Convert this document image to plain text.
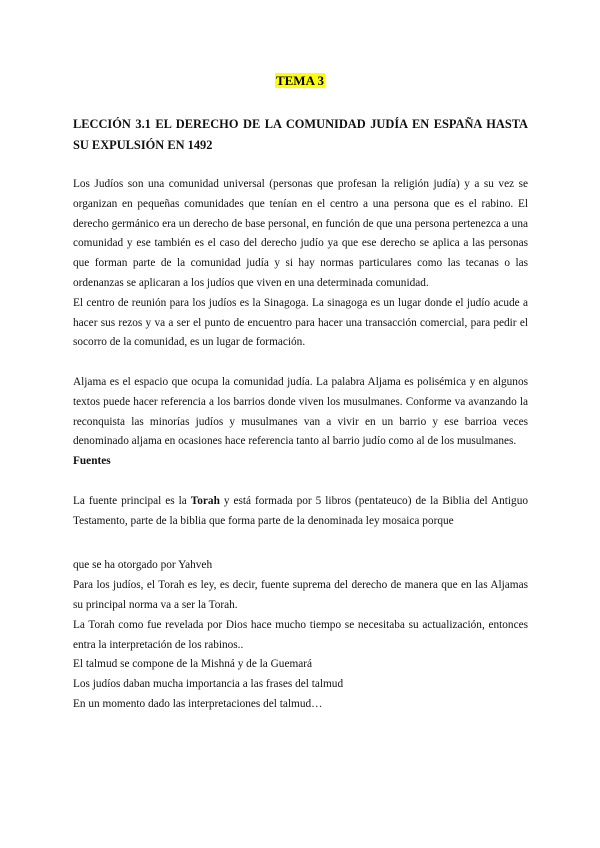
TEMA 3
LECCIÓN 3.1 EL DERECHO DE LA COMUNIDAD JUDÍA EN ESPAÑA HASTA SU EXPULSIÓN EN 1492

Los Judíos son una comunidad universal (personas que profesan la religión judía) y a su vez se organizan en pequeñas comunidades que tenían en el centro a una persona que es el rabino. El derecho germánico era un derecho de base personal, en función de que una persona pertenezca a una comunidad y ese también es el caso del derecho judío ya que ese derecho se aplica a las personas que forman parte de la comunidad judía y si hay normas particulares como las tecanas o las ordenanzas se aplicaran a los judíos que viven en una determinada comunidad.

El centro de reunión para los judíos es la Sinagoga. La sinagoga es un lugar donde el judío acude a hacer sus rezos y va a ser el punto de encuentro para hacer una transacción comercial, para pedir el socorro de la comunidad, es un lugar de formación.

Aljama es el espacio que ocupa la comunidad judía. La palabra Aljama es polisémica y en algunos textos puede hacer referencia a los barrios donde viven los musulmanes. Conforme va avanzando la reconquista las minorías judíos y musulmanes van a vivir en un barrio y ese barrioa veces denominado aljama en ocasiones hace referencia tanto al barrio judío como al de los musulmanes.

Fuentes

La fuente principal es la Torah y está formada por 5 libros (pentateuco) de la Biblia del Antiguo Testamento, parte de la biblia que forma parte de la denominada ley mosaica porque

que se ha otorgado por Yahveh

Para los judíos, el Torah es ley, es decir, fuente suprema del derecho de manera que en las Aljamas su principal norma va a ser la Torah.

La Torah como fue revelada por Dios hace mucho tiempo se necesitaba su actualización, entonces entra la interpretación de los rabinos..

El talmud se compone de la Mishná y de la Guemará

Los judíos daban mucha importancia a las frases del talmud

En un momento dado las interpretaciones del talmud…
